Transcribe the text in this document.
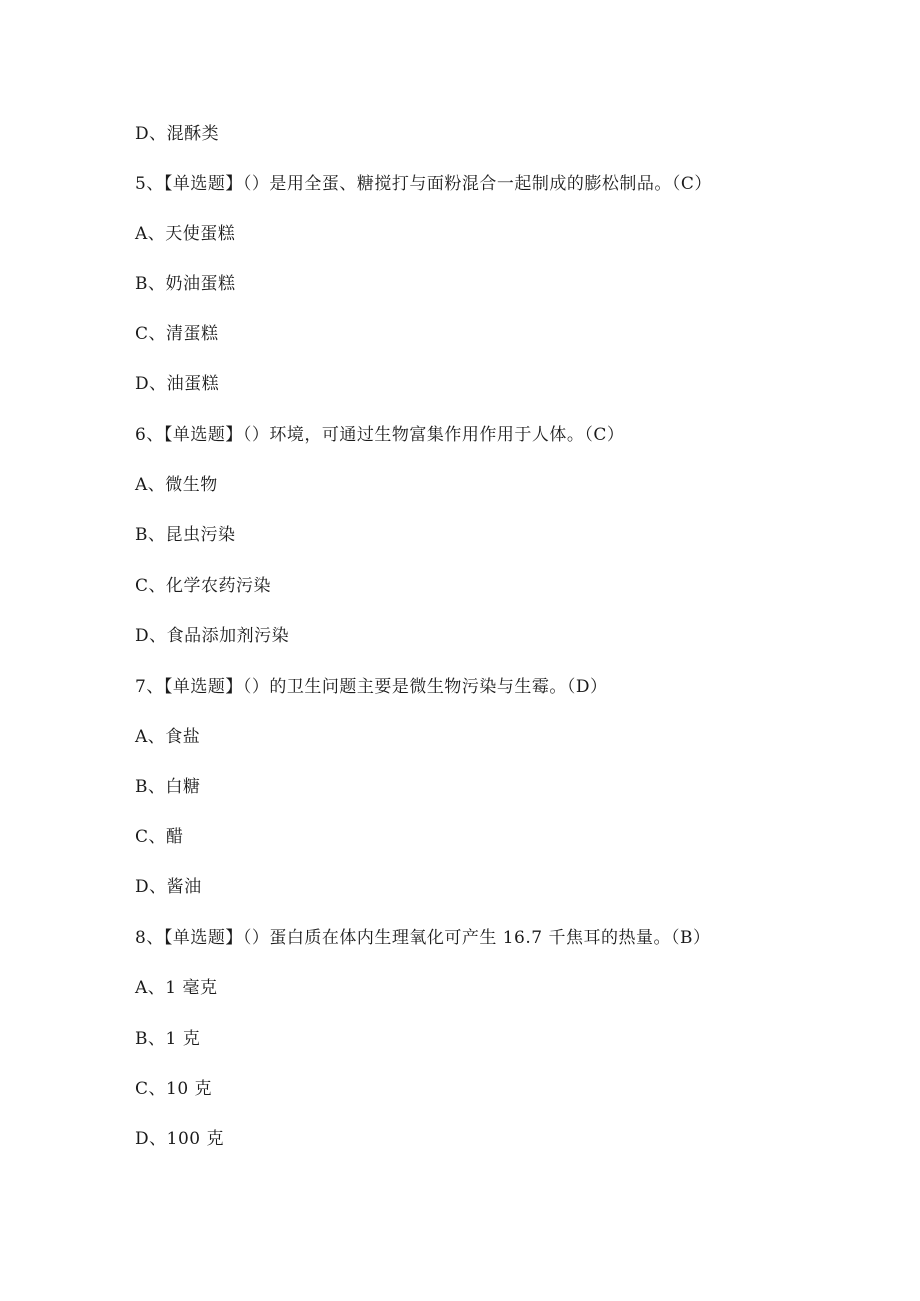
D、混酥类
5、【单选题】（）是用全蛋、糖搅打与面粉混合一起制成的膨松制品。（C）
A、天使蛋糕
B、奶油蛋糕
C、清蛋糕
D、油蛋糕
6、【单选题】（）环境，可通过生物富集作用作用于人体。（C）
A、微生物
B、昆虫污染
C、化学农药污染
D、食品添加剂污染
7、【单选题】（）的卫生问题主要是微生物污染与生霉。（D）
A、食盐
B、白糖
C、醋
D、酱油
8、【单选题】（）蛋白质在体内生理氧化可产生 16.7 千焦耳的热量。（B）
A、1 毫克
B、1 克
C、10 克
D、100 克
